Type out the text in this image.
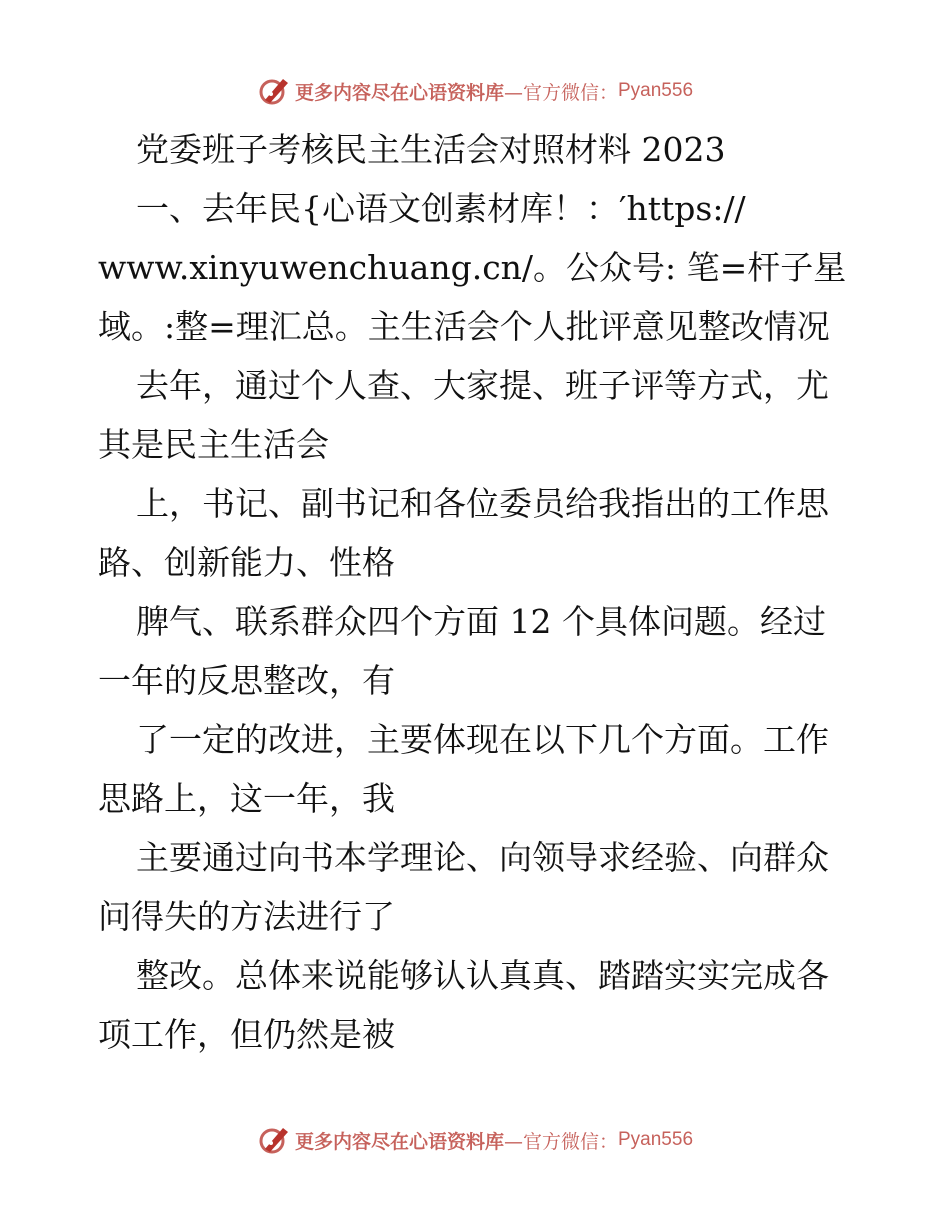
更多内容尽在心语资料库 —官方微信： Pyan556
党委班子考核民主生活会对照材料 2023
一、去年民{心语文创素材库！：′https://
www.xinyuwenchuang.cn/。公众号: 笔=杆子星
域。:整=理汇总。主生活会个人批评意见整改情况
去年，通过个人查、大家提、班子评等方式，尤
其是民主生活会
上，书记、副书记和各位委员给我指出的工作思
路、创新能力、性格
脾气、联系群众四个方面 12 个具体问题。经过
一年的反思整改，有
了一定的改进，主要体现在以下几个方面。工作
思路上，这一年，我
主要通过向书本学理论、向领导求经验、向群众
问得失的方法进行了
整改。总体来说能够认认真真、踏踏实实完成各
项工作，但仍然是被
更多内容尽在心语资料库 —官方微信： Pyan556
